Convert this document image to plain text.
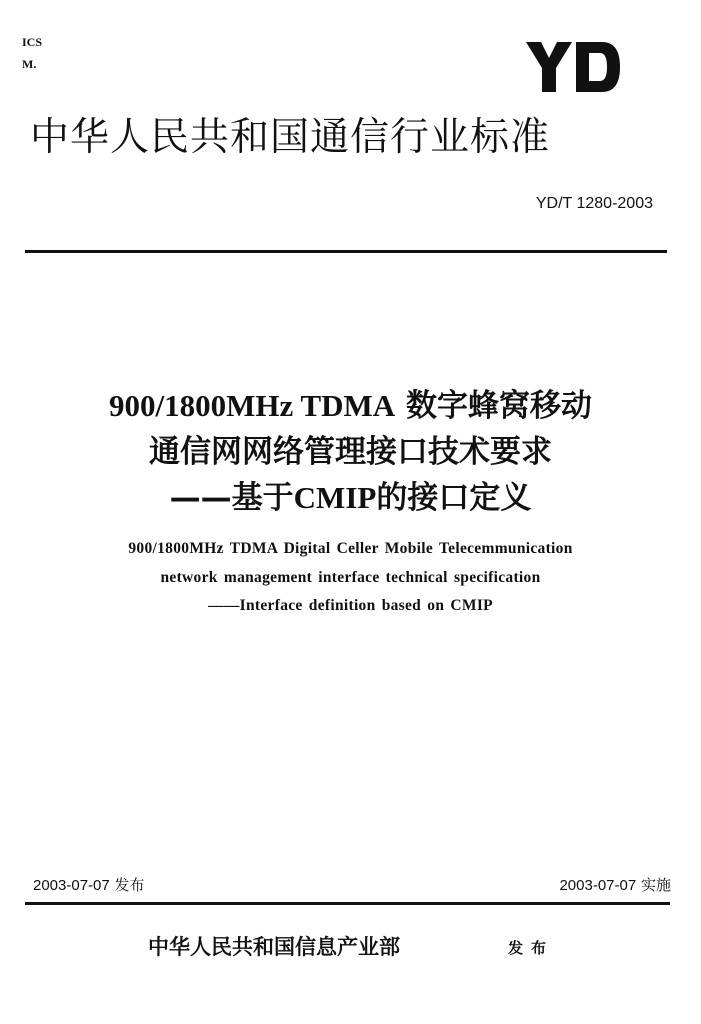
ICS
M.
中华人民共和国通信行业标准
YD/T 1280-2003
900/1800MHz TDMA 数字蜂窝移动
通信网网络管理接口技术要求
——基于CMIP的接口定义
900/1800MHz TDMA Digital Celler Mobile Telecemmunication
network management interface technical specification
——Interface definition based on CMIP
2003-07-07 发布	2003-07-07 实施
中华人民共和国信息产业部	发布
